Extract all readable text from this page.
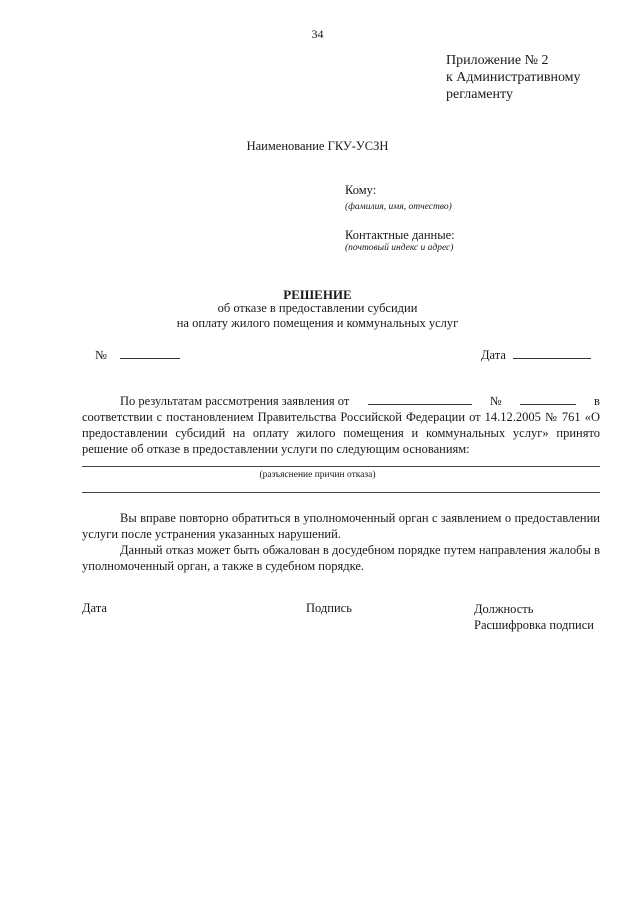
34
Приложение № 2
к Административному
регламенту
Наименование ГКУ-УСЗН
Кому:
(фамилия, имя, отчество)
Контактные данные:
(почтовый индекс и адрес)
РЕШЕНИЕ
об отказе в предоставлении субсидии
на оплату жилого помещения и коммунальных услуг
№	Дата
По результатам рассмотрения заявления от	№	в
соответствии с постановлением Правительства Российской Федерации от 14.12.2005 № 761 «О предоставлении субсидий на оплату жилого помещения и коммунальных услуг» принято решение об отказе в предоставлении услуги по следующим основаниям:
(разъяснение причин отказа)
Вы вправе повторно обратиться в уполномоченный орган с заявлением о предоставлении услуги после устранения указанных нарушений.
Данный отказ может быть обжалован в досудебном порядке путем направления жалобы в уполномоченный орган, а также в судебном порядке.
Дата	Подпись	Должность
Расшифровка подписи
